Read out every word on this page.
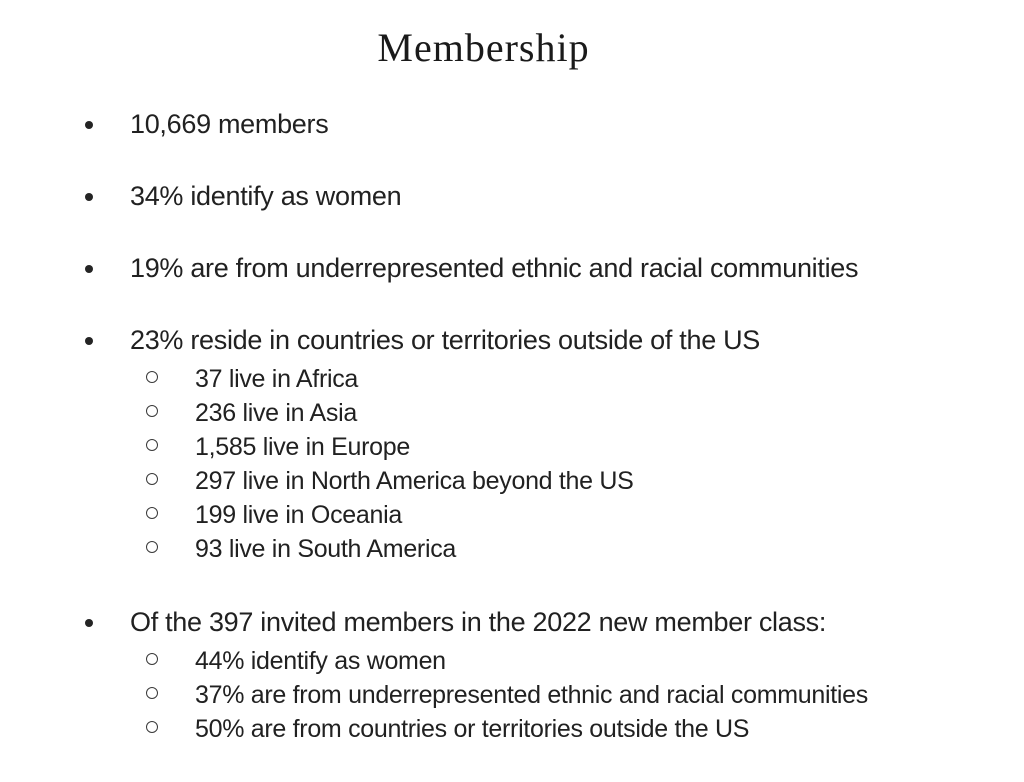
Membership
10,669 members
34% identify as women
19% are from underrepresented ethnic and racial communities
23% reside in countries or territories outside of the US
37 live in Africa
236 live in Asia
1,585 live in Europe
297 live in North America beyond the US
199 live in Oceania
93 live in South America
Of the 397 invited members in the 2022 new member class:
44% identify as women
37% are from underrepresented ethnic and racial communities
50% are from countries or territories outside the US
